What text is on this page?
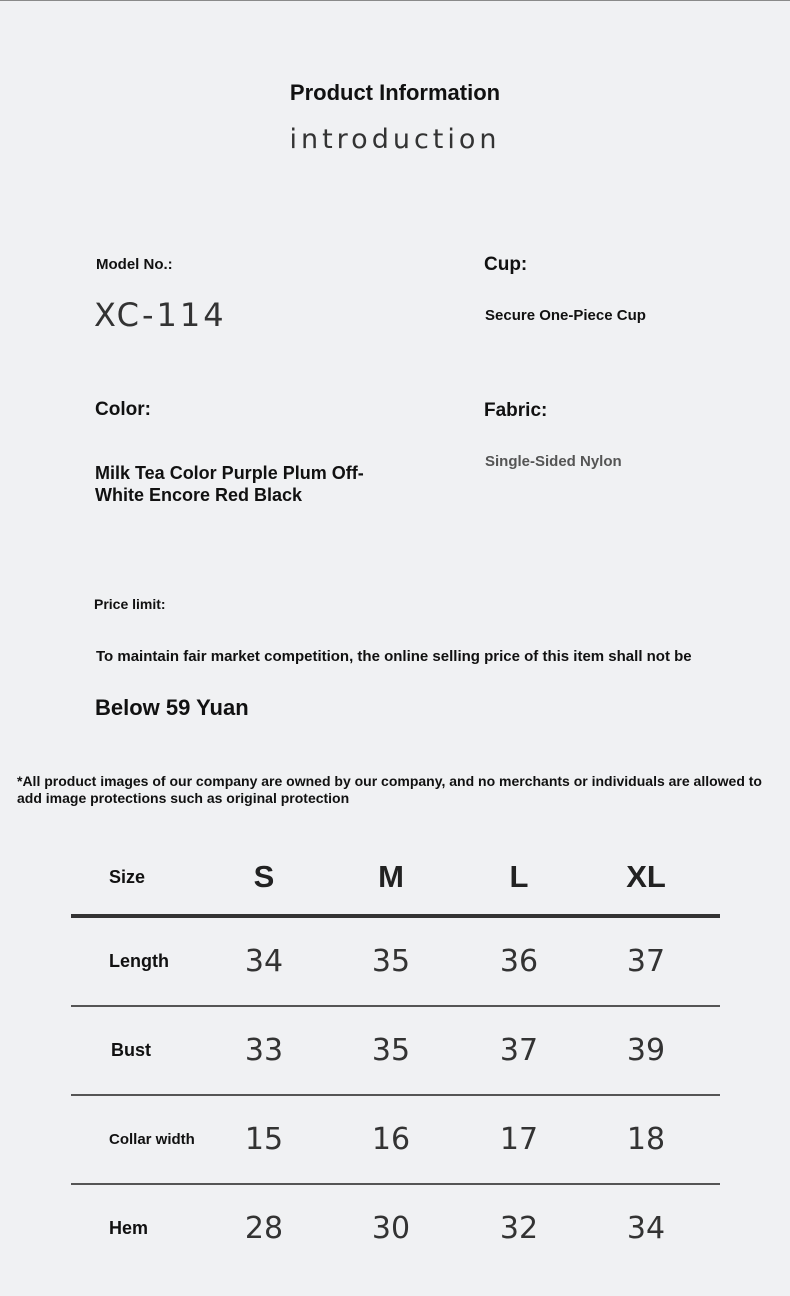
Product Information
introduction
Model No.:
XC-114
Cup:
Secure One-Piece Cup
Color:
Milk Tea Color Purple Plum Off-White Encore Red Black
Fabric:
Single-Sided Nylon
Price limit:
To maintain fair market competition, the online selling price of this item shall not be
Below 59 Yuan
*All product images of our company are owned by our company, and no merchants or individuals are allowed to add image protections such as original protection
Size	S	M	L	XL
Length	34	35	36	37
Bust	33	35	37	39
Collar width	15	16	17	18
Hem	28	30	32	34
